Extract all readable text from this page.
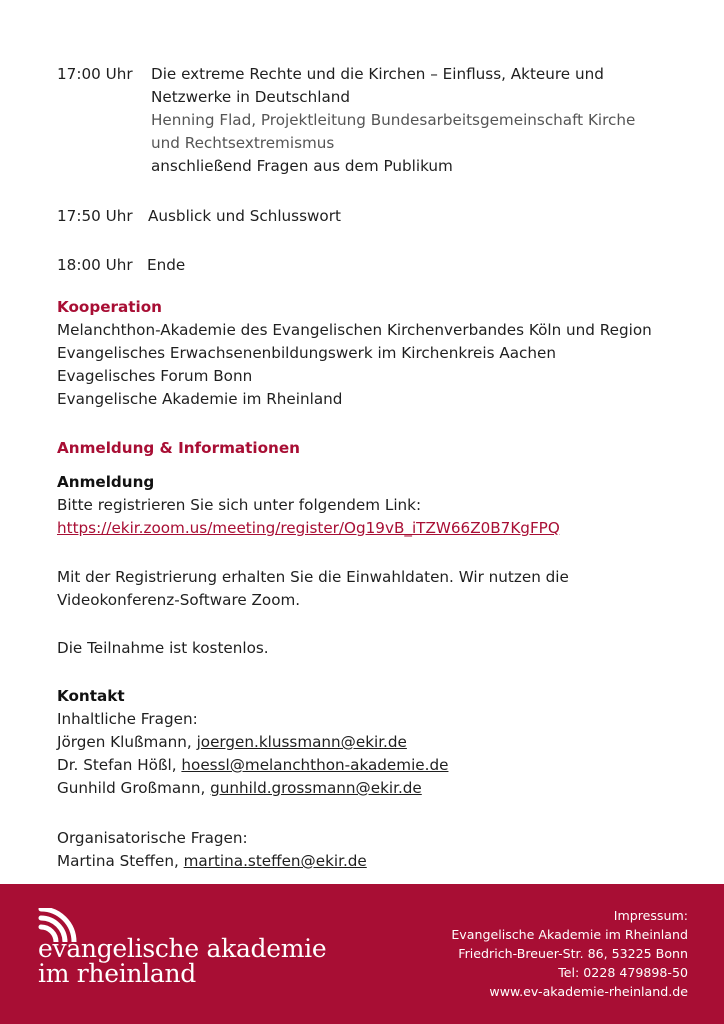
17:00 Uhr Die extreme Rechte und die Kirchen – Einfluss, Akteure und
Netzwerke in Deutschland
Henning Flad, Projektleitung Bundesarbeitsgemeinschaft Kirche
und Rechtsextremismus
anschließend Fragen aus dem Publikum
17:50 Uhr Ausblick und Schlusswort
18:00 Uhr Ende
Kooperation
Melanchthon-Akademie des Evangelischen Kirchenverbandes Köln und Region
Evangelisches Erwachsenenbildungswerk im Kirchenkreis Aachen
Evagelisches Forum Bonn
Evangelische Akademie im Rheinland
Anmeldung & Informationen
Anmeldung
Bitte registrieren Sie sich unter folgendem Link:
https://ekir.zoom.us/meeting/register/Og19vB_iTZW66Z0B7KgFPQ
Mit der Registrierung erhalten Sie die Einwahldaten. Wir nutzen die
Videokonferenz-Software Zoom.
Die Teilnahme ist kostenlos.
Kontakt
Inhaltliche Fragen:
Jörgen Klußmann, joergen.klussmann@ekir.de
Dr. Stefan Hößl, hoessl@melanchthon-akademie.de
Gunhild Großmann, gunhild.grossmann@ekir.de
Organisatorische Fragen:
Martina Steffen, martina.steffen@ekir.de
evangelische akademie
im rheinland
Impressum:
Evangelische Akademie im Rheinland
Friedrich-Breuer-Str. 86, 53225 Bonn
Tel: 0228 479898-50
www.ev-akademie-rheinland.de
